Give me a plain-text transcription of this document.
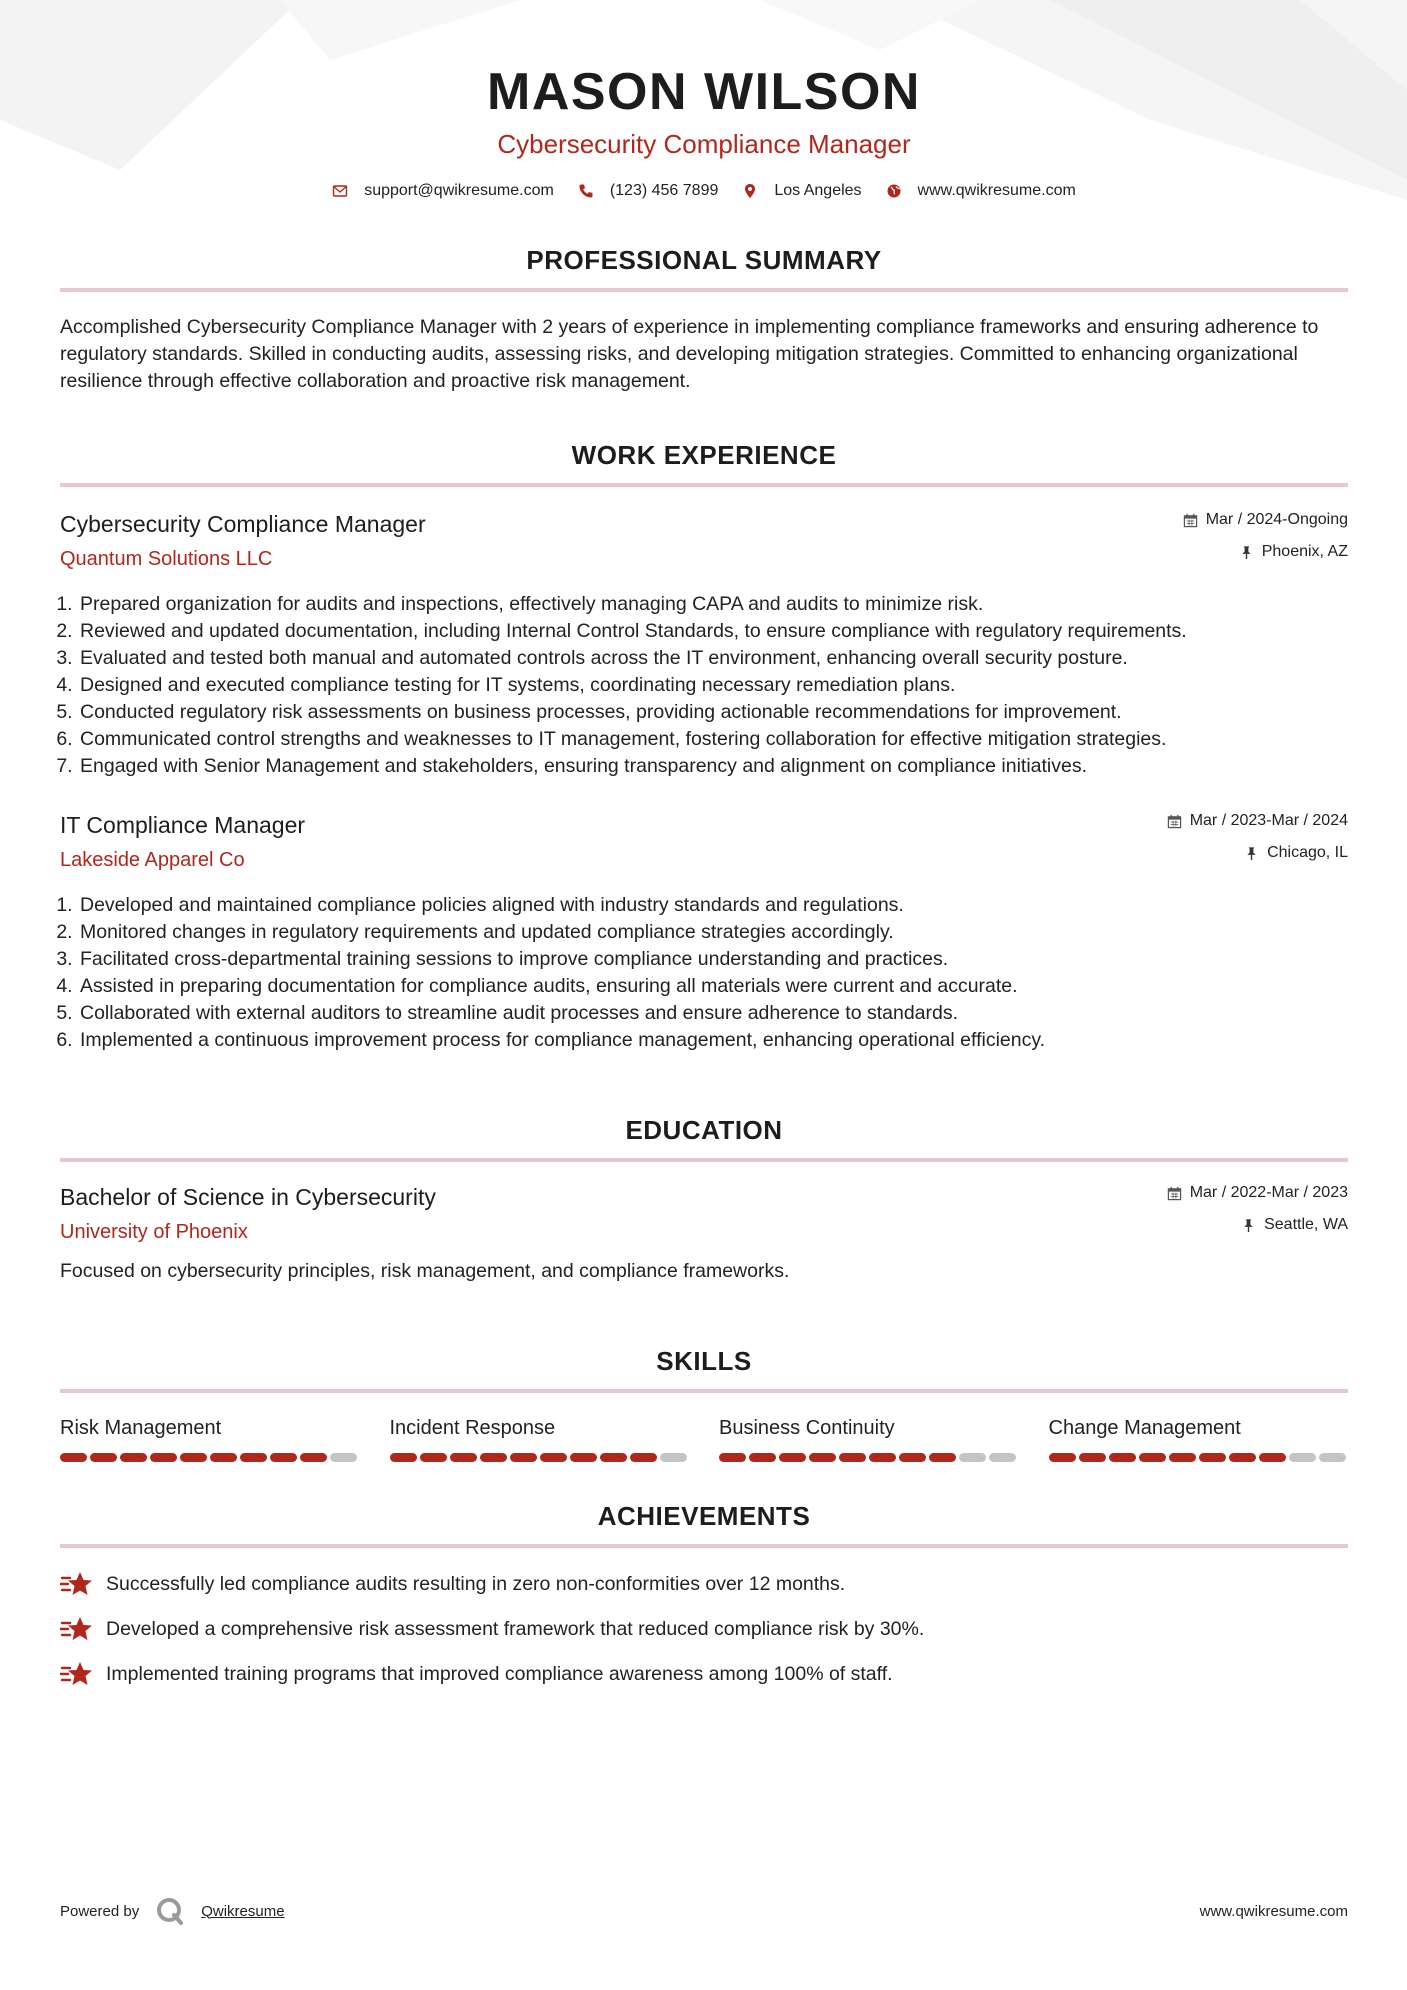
MASON WILSON
Cybersecurity Compliance Manager
support@qwikresume.com	(123) 456 7899	Los Angeles	www.qwikresume.com
PROFESSIONAL SUMMARY
Accomplished Cybersecurity Compliance Manager with 2 years of experience in implementing compliance frameworks and ensuring adherence to regulatory standards. Skilled in conducting audits, assessing risks, and developing mitigation strategies. Committed to enhancing organizational resilience through effective collaboration and proactive risk management.
WORK EXPERIENCE
Cybersecurity Compliance Manager
Quantum Solutions LLC
Mar / 2024-Ongoing
Phoenix, AZ
1. Prepared organization for audits and inspections, effectively managing CAPA and audits to minimize risk.
2. Reviewed and updated documentation, including Internal Control Standards, to ensure compliance with regulatory requirements.
3. Evaluated and tested both manual and automated controls across the IT environment, enhancing overall security posture.
4. Designed and executed compliance testing for IT systems, coordinating necessary remediation plans.
5. Conducted regulatory risk assessments on business processes, providing actionable recommendations for improvement.
6. Communicated control strengths and weaknesses to IT management, fostering collaboration for effective mitigation strategies.
7. Engaged with Senior Management and stakeholders, ensuring transparency and alignment on compliance initiatives.
IT Compliance Manager
Lakeside Apparel Co
Mar / 2023-Mar / 2024
Chicago, IL
1. Developed and maintained compliance policies aligned with industry standards and regulations.
2. Monitored changes in regulatory requirements and updated compliance strategies accordingly.
3. Facilitated cross-departmental training sessions to improve compliance understanding and practices.
4. Assisted in preparing documentation for compliance audits, ensuring all materials were current and accurate.
5. Collaborated with external auditors to streamline audit processes and ensure adherence to standards.
6. Implemented a continuous improvement process for compliance management, enhancing operational efficiency.
EDUCATION
Bachelor of Science in Cybersecurity
University of Phoenix
Mar / 2022-Mar / 2023
Seattle, WA
Focused on cybersecurity principles, risk management, and compliance frameworks.
SKILLS
Risk Management	Incident Response	Business Continuity	Change Management
ACHIEVEMENTS
Successfully led compliance audits resulting in zero non-conformities over 12 months.
Developed a comprehensive risk assessment framework that reduced compliance risk by 30%.
Implemented training programs that improved compliance awareness among 100% of staff.
Powered by	Qwikresume	www.qwikresume.com
